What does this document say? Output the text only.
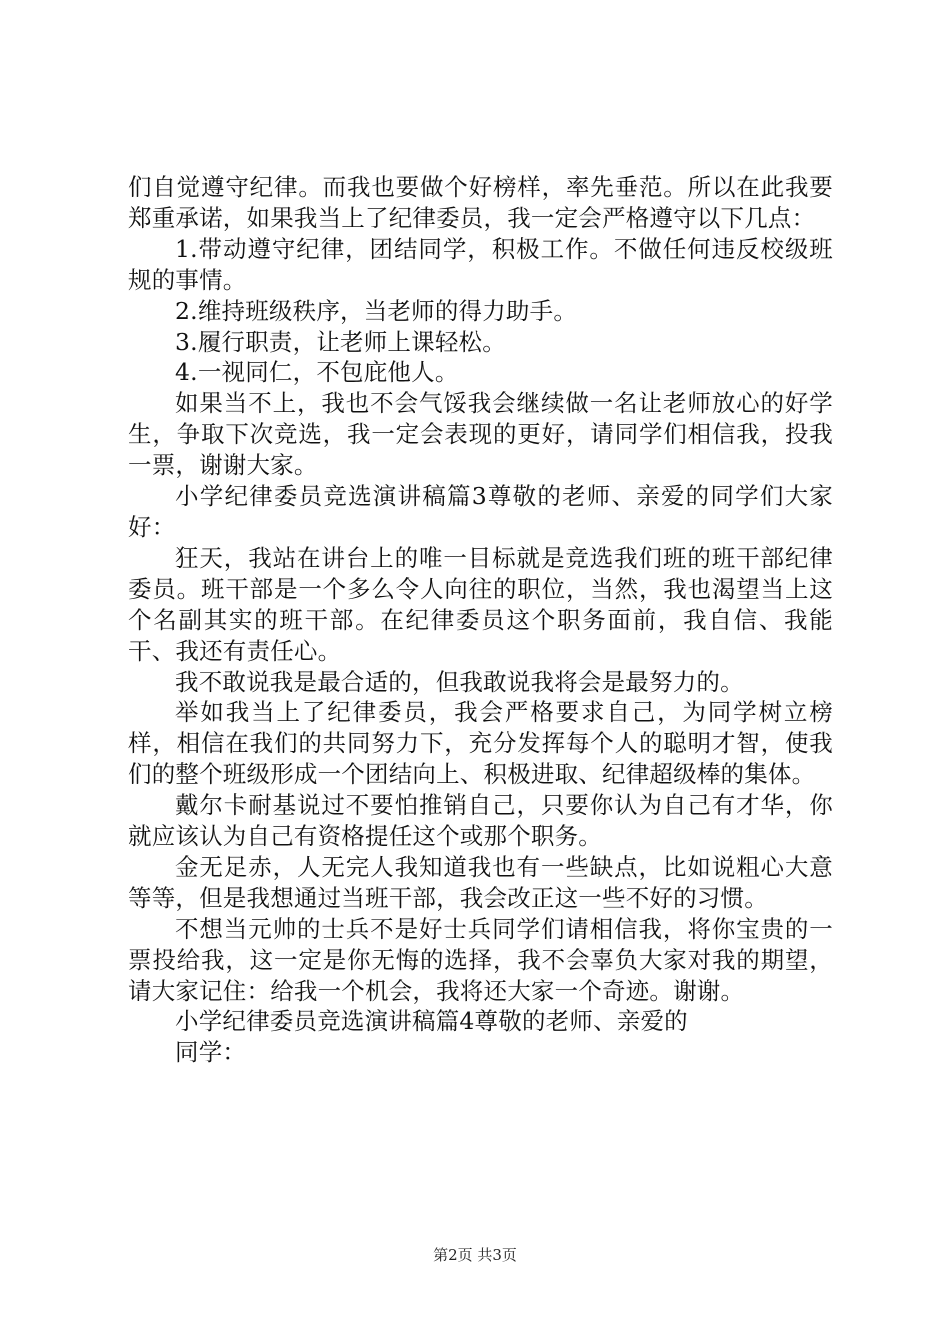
们自觉遵守纪律。而我也要做个好榜样，率先垂范。所以在此我要郑重承诺，如果我当上了纪律委员，我一定会严格遵守以下几点：

1.带动遵守纪律，团结同学，积极工作。不做任何违反校级班规的事情。

2.维持班级秩序，当老师的得力助手。

3.履行职责，让老师上课轻松。

4.一视同仁，不包庇他人。

如果当不上，我也不会气馁我会继续做一名让老师放心的好学生，争取下次竞选，我一定会表现的更好，请同学们相信我，投我一票，谢谢大家。

小学纪律委员竞选演讲稿篇3尊敬的老师、亲爱的同学们大家好：

狂天，我站在讲台上的唯一目标就是竞选我们班的班干部纪律委员。班干部是一个多么令人向往的职位，当然，我也渴望当上这个名副其实的班干部。在纪律委员这个职务面前，我自信、我能干、我还有责任心。

我不敢说我是最合适的，但我敢说我将会是最努力的。

举如我当上了纪律委员，我会严格要求自己，为同学树立榜样，相信在我们的共同努力下，充分发挥每个人的聪明才智，使我们的整个班级形成一个团结向上、积极进取、纪律超级棒的集体。

戴尔卡耐基说过不要怕推销自己，只要你认为自己有才华，你就应该认为自己有资格提任这个或那个职务。

金无足赤，人无完人我知道我也有一些缺点，比如说粗心大意等等，但是我想通过当班干部，我会改正这一些不好的习惯。

不想当元帅的士兵不是好士兵同学们请相信我，将你宝贵的一票投给我，这一定是你无悔的选择，我不会辜负大家对我的期望，请大家记住：给我一个机会，我将还大家一个奇迹。谢谢。

小学纪律委员竞选演讲稿篇4尊敬的老师、亲爱的

同学：

第2页 共3页
